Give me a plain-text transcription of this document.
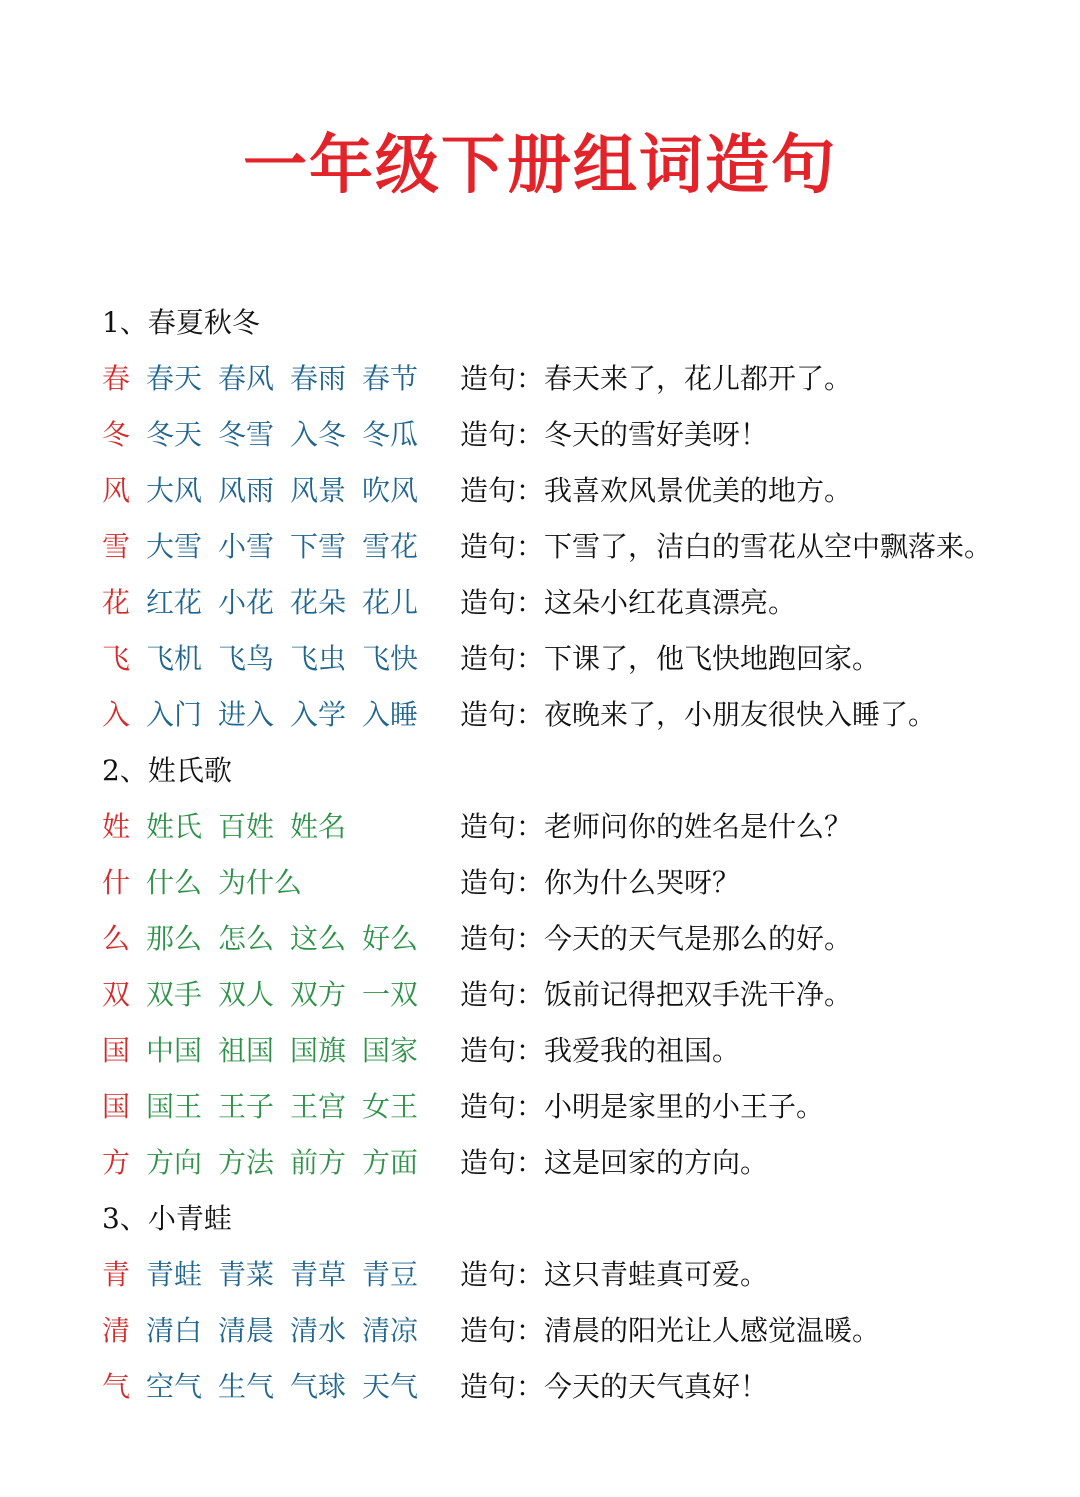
一年级下册组词造句
1、春夏秋冬
春 春天 春风 春雨 春节 造句：春天来了，花儿都开了。
冬 冬天 冬雪 入冬 冬瓜 造句：冬天的雪好美呀！
风 大风 风雨 风景 吹风 造句：我喜欢风景优美的地方。
雪 大雪 小雪 下雪 雪花 造句：下雪了，洁白的雪花从空中飘落来。
花 红花 小花 花朵 花儿 造句：这朵小红花真漂亮。
飞 飞机 飞鸟 飞虫 飞快 造句：下课了，他飞快地跑回家。
入 入门 进入 入学 入睡 造句：夜晚来了，小朋友很快入睡了。
2、姓氏歌
姓 姓氏 百姓 姓名	造句：老师问你的姓名是什么？
什 什么 为什么	造句：你为什么哭呀？
么 那么 怎么 这么 好么 造句：今天的天气是那么的好。
双 双手 双人 双方 一双 造句：饭前记得把双手洗干净。
国 中国 祖国 国旗 国家 造句：我爱我的祖国。
国 国王 王子 王宫 女王 造句：小明是家里的小王子。
方 方向 方法 前方 方面 造句：这是回家的方向。
3、小青蛙
青 青蛙 青菜 青草 青豆 造句：这只青蛙真可爱。
清 清白 清晨 清水 清凉 造句：清晨的阳光让人感觉温暖。
气 空气 生气 气球 天气 造句：今天的天气真好！
